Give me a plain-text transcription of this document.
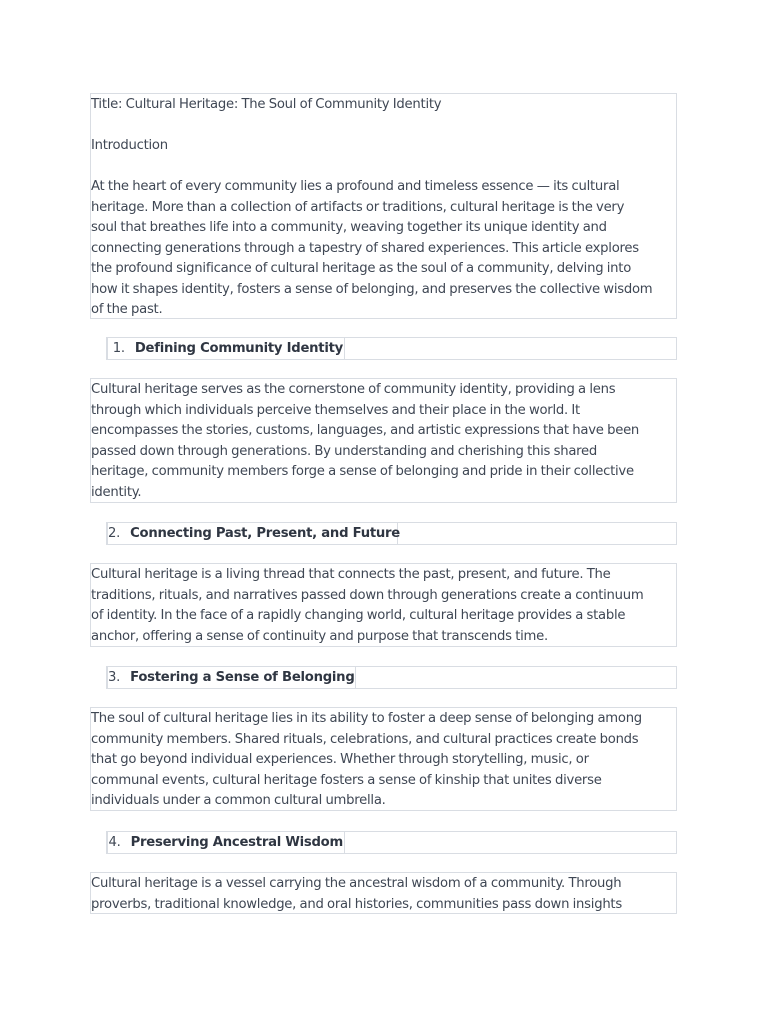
Title: Cultural Heritage: The Soul of Community Identity

Introduction

At the heart of every community lies a profound and timeless essence — its cultural
heritage. More than a collection of artifacts or traditions, cultural heritage is the very
soul that breathes life into a community, weaving together its unique identity and
connecting generations through a tapestry of shared experiences. This article explores
the profound significance of cultural heritage as the soul of a community, delving into
how it shapes identity, fosters a sense of belonging, and preserves the collective wisdom
of the past.

1. Defining Community Identity

Cultural heritage serves as the cornerstone of community identity, providing a lens
through which individuals perceive themselves and their place in the world. It
encompasses the stories, customs, languages, and artistic expressions that have been
passed down through generations. By understanding and cherishing this shared
heritage, community members forge a sense of belonging and pride in their collective
identity.

2. Connecting Past, Present, and Future

Cultural heritage is a living thread that connects the past, present, and future. The
traditions, rituals, and narratives passed down through generations create a continuum
of identity. In the face of a rapidly changing world, cultural heritage provides a stable
anchor, offering a sense of continuity and purpose that transcends time.

3. Fostering a Sense of Belonging

The soul of cultural heritage lies in its ability to foster a deep sense of belonging among
community members. Shared rituals, celebrations, and cultural practices create bonds
that go beyond individual experiences. Whether through storytelling, music, or
communal events, cultural heritage fosters a sense of kinship that unites diverse
individuals under a common cultural umbrella.

4. Preserving Ancestral Wisdom

Cultural heritage is a vessel carrying the ancestral wisdom of a community. Through
proverbs, traditional knowledge, and oral histories, communities pass down insights
